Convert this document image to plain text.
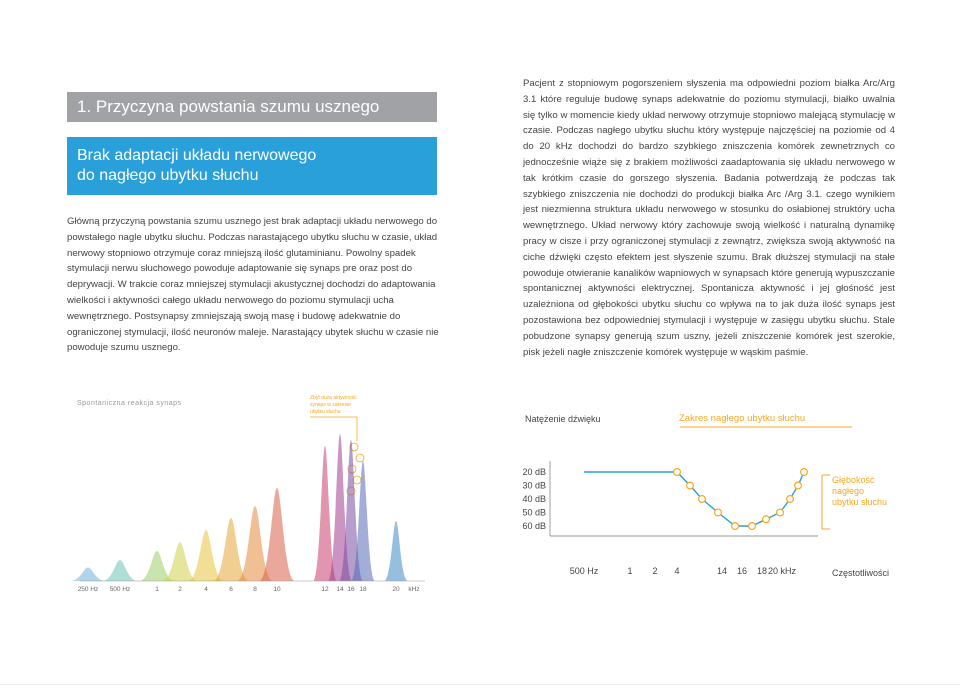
1. Przyczyna powstania szumu usznego
Brak adaptacji układu nerwowego
do nagłego ubytku słuchu

Główną przyczyną powstania szumu usznego jest brak adaptacji układu nerwowego do powstałego nagle ubytku słuchu. Podczas narastającego ubytku słuchu w czasie, układ nerwowy stopniowo otrzymuje coraz mniejszą ilość glutaminianu. Powolny spadek stymulacji nerwu słuchowego powoduje adaptowanie się synaps pre oraz post do deprywacji. W trakcie coraz mniejszej stymulacji akustycznej dochodzi do adaptowania wielkości i aktywności całego układu nerwowego do poziomu stymulacji ucha wewnętrznego. Postsynapsy zmniejszają swoją masę i budowę adekwatnie do ograniczonej stymulacji, ilość neuronów maleje. Narastający ubytek słuchu w czasie nie powoduje szumu usznego.

Pacjent z stopniowym pogorszeniem słyszenia ma odpowiedni poziom białka Arc/Arg 3.1 które reguluje budowę synaps adekwatnie do poziomu stymulacji, białko uwalnia się tylko w momencie kiedy układ nerwowy otrzymuje stopniowo malejącą stymulację w czasie. Podczas nagłego ubytku słuchu który występuje najczęściej na poziomie od 4 do 20 kHz dochodzi do bardzo szybkiego zniszczenia komórek zewnetrznych co jednocześnie wiąże się z brakiem możliwości zaadaptowania się układu nerwowego w tak krótkim czasie do gorszego słyszenia. Badania potwerdzają że podczas tak szybkiego zniszczenia nie dochodzi do produkcji białka Arc /Arg 3.1. czego wynikiem jest niezmienna struktura układu nerwowego w stosunku do osłabionej struktóry ucha wewnętrznego. Układ nerwowy który zachowuje swoją wielkość i naturalną dynamikę pracy w cisze i przy ograniczonej stymulacji z zewnątrz, zwiększa swoją aktywność na ciche dźwięki często efektem jest słyszenie szumu. Brak dłuższej stymulacji na stałe powoduje otwieranie kanalików wapniowych w synapsach które generują wypuszczanie spontanicznej aktywności elektrycznej. Spontanicza aktywność i jej głośność jest uzależniona od głębokości ubytku słuchu co wpływa na to jak duża ilość synaps jest pozostawiona bez odpowiedniej stymulacji i występuje w zasięgu ubytku słuchu. Stale pobudzone synapsy generują szum uszny, jeżeli zniszczenie komórek jest szerokie, pisk jeżeli nagłe zniszczenie komórek występuje w wąskim paśmie.

Spontaniczna reakcja synaps
Zbyt duża aktywność
synaps w zakresie
ubytku słuchu
250 Hz 500 Hz	1	2	4	6	8	10	12 14 16 18	20 kHz
Natężenie dźwięku	Zakres nagłego ubytku słuchu
Głębokość
nagłego
ubytku słuchu
20 dB
30 dB
40 dB
50 dB
60 dB
500 Hz	1 2 4	14 16 18 20 kHz	Częstotliwości
